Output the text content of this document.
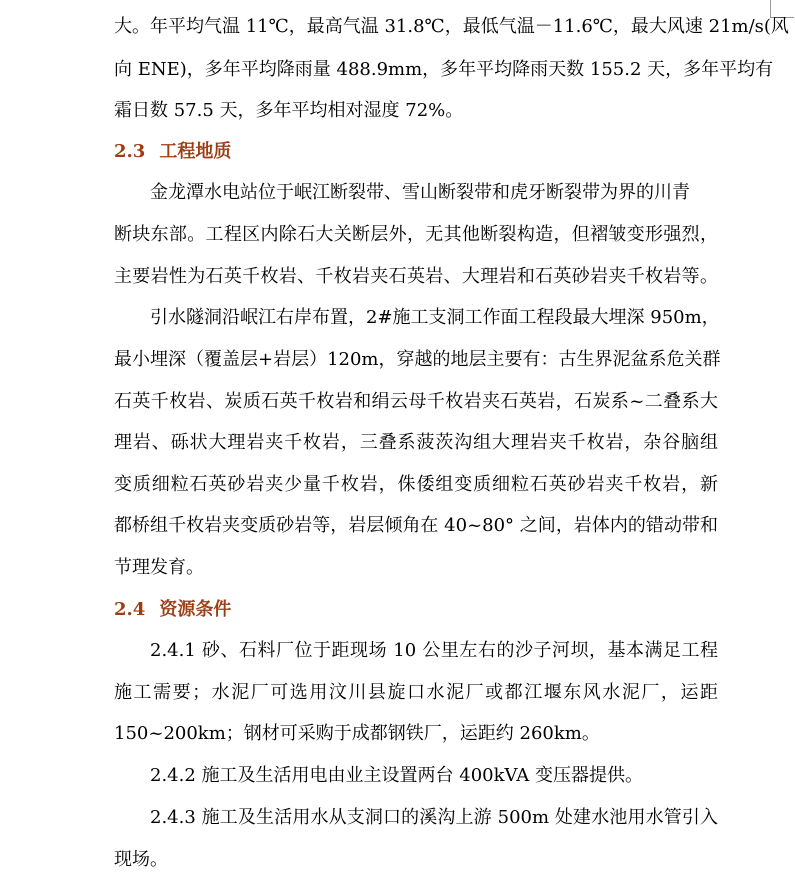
大。年平均气温 11℃，最高气温 31.8℃，最低气温－11.6℃，最大风速 21m/s(风
向 ENE)，多年平均降雨量 488.9mm，多年平均降雨天数 155.2 天，多年平均有
霜日数 57.5 天，多年平均相对湿度 72%。
2.3 工程地质
金龙潭水电站位于岷江断裂带、雪山断裂带和虎牙断裂带为界的川青
断块东部。工程区内除石大关断层外，无其他断裂构造，但褶皱变形强烈，
主要岩性为石英千枚岩、千枚岩夹石英岩、大理岩和石英砂岩夹千枚岩等。
引水隧洞沿岷江右岸布置，2#施工支洞工作面工程段最大埋深 950m，
最小埋深（覆盖层+岩层）120m，穿越的地层主要有：古生界泥盆系危关群
石英千枚岩、炭质石英千枚岩和绢云母千枚岩夹石英岩，石炭系~二叠系大
理岩、砾状大理岩夹千枚岩，三叠系菠茨沟组大理岩夹千枚岩，杂谷脑组
变质细粒石英砂岩夹少量千枚岩，侏倭组变质细粒石英砂岩夹千枚岩，新
都桥组千枚岩夹变质砂岩等，岩层倾角在 40~80° 之间，岩体内的错动带和
节理发育。
2.4 资源条件
2.4.1 砂、石料厂位于距现场 10 公里左右的沙子河坝，基本满足工程
施工需要；水泥厂可选用汶川县旋口水泥厂或都江堰东风水泥厂，运距
150~200km；钢材可采购于成都钢铁厂，运距约 260km。
2.4.2 施工及生活用电由业主设置两台 400kVA 变压器提供。
2.4.3 施工及生活用水从支洞口的溪沟上游 500m 处建水池用水管引入
现场。
